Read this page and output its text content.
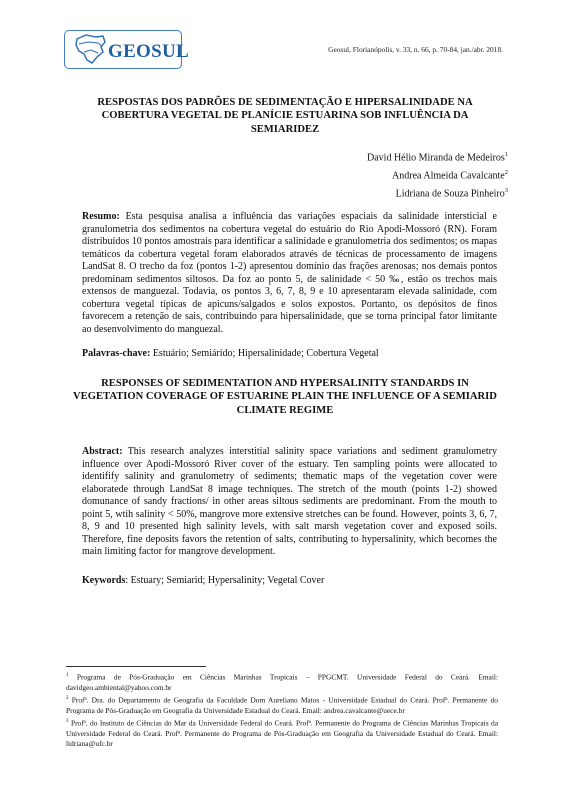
GEOSUL	Geosul, Florianópolis, v. 33, n. 66, p. 70-84, jan./abr. 2018.
RESPOSTAS DOS PADRÕES DE SEDIMENTAÇÃO E HIPERSALINIDADE NA COBERTURA VEGETAL DE PLANÍCIE ESTUARINA SOB INFLUÊNCIA DA SEMIARIDEZ
David Hélio Miranda de Medeiros$^1$
Andrea Almeida Cavalcante$^2$
Lidriana de Souza Pinheiro$^3$

Resumo: Esta pesquisa analisa a influência das variações espaciais da salinidade intersticial e granulometria dos sedimentos na cobertura vegetal do estuário do Rio Apodi-Mossoró (RN). Foram distribuídos 10 pontos amostrais para identificar a salinidade e granulometria dos sedimentos; os mapas temáticos da cobertura vegetal foram elaborados através de técnicas de processamento de imagens LandSat 8. O trecho da foz (pontos 1-2) apresentou domínio das frações arenosas; nos demais pontos predominam sedimentos siltosos. Da foz ao ponto 5, de salinidade < 50 ‰, estão os trechos mais extensos de manguezal. Todavia, os pontos 3, 6, 7, 8, 9 e 10 apresentaram elevada salinidade, com cobertura vegetal típicas de apicuns/salgados e solos expostos. Portanto, os depósitos de finos favorecem a retenção de sais, contribuindo para hipersalinidade, que se torna principal fator limitante ao desenvolvimento do manguezal.

Palavras-chave: Estuário; Semiárido; Hipersalinidade; Cobertura Vegetal
RESPONSES OF SEDIMENTATION AND HYPERSALINITY STANDARDS IN VEGETATION COVERAGE OF ESTUARINE PLAIN THE INFLUENCE OF A SEMIARID CLIMATE REGIME

Abstract: This research analyzes interstitial salinity space variations and sediment granulometry influence over Apodi-Mossoró River cover of the estuary. Ten sampling points were allocated to identifify salinity and granulometry of sediments; thematic maps of the vegetation cover were elaboratede through LandSat 8 image techniques. The stretch of the mouth (points 1-2) showed domunance of sandy fractions/ in other areas siltous sediments are predominant. From the mouth to point 5, wtih salinity < 50%, mangrove more extensive stretches can be found. However, points 3, 6, 7, 8, 9 and 10 presented high salinity levels, with salt marsh vegetation cover and exposed soils. Therefore, fine deposits favors the retention of salts, contributing to hypersalinity, which becomes the main limiting factor for mangrove development.

Keywords: Estuary; Semiarid; Hypersalinity; Vegetal Cover

$^1$ Programa de Pós-Graduação em Ciências Marinhas Tropicais – PPGCMT. Universidade Federal do Ceará. Email: davidgeo.ambiental@yahoo.com.br

$^2$ Profª. Dra. do Departamento de Geografia da Faculdade Dom Aureliano Matos - Universidade Estadual do Ceará. Profª. Permanente do Programa de Pós-Graduação em Geografia da Universidade Estadual do Ceará. Email: andrea.cavalcante@uece.br

$^3$ Profª. do Instituto de Ciências do Mar da Universidade Federal do Ceará. Profª. Permanente do Programa de Ciências Marinhas Tropicais da Universidade Federal do Ceará. Profª. Permanente do Programa de Pós-Graduação em Geografia da Universidade Estadual do Ceará. Email: lidriana@ufc.br
